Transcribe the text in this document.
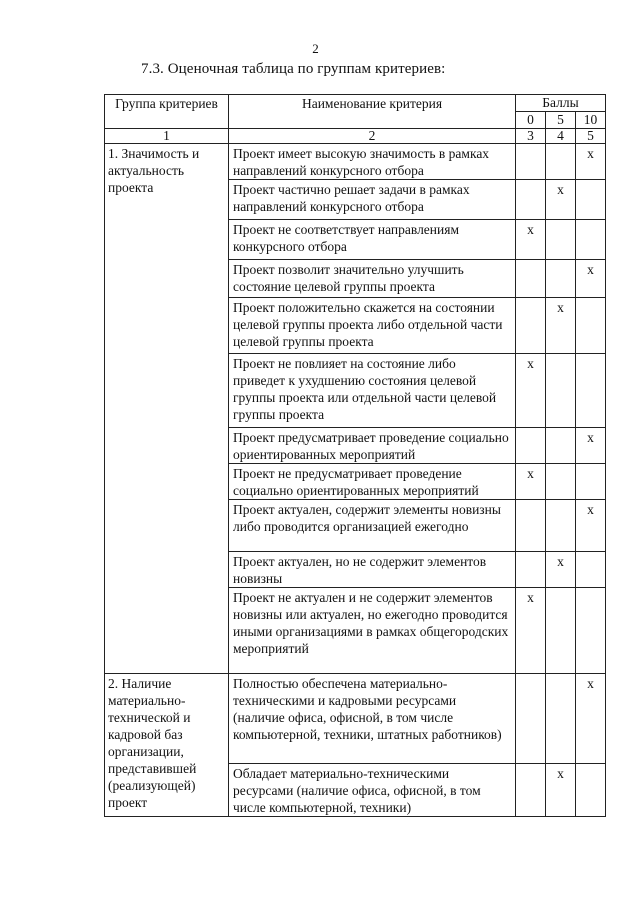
2
7.3. Оценочная таблица по группам критериев:
Группа критериев	Наименование критерия	Баллы		
		0	5	10
1	2	3	4	5
1. Значимость и актуальность проекта	Проект имеет высокую значимость в рамках направлений конкурсного отбора			x
	Проект частично решает задачи в рамках направлений конкурсного отбора		x	
	Проект не соответствует направлениям конкурсного отбора	x		
	Проект позволит значительно улучшить состояние целевой группы проекта			x
	Проект положительно скажется на состоянии целевой группы проекта либо отдельной части целевой группы проекта		x	
	Проект не повлияет на состояние либо приведет к ухудшению состояния целевой группы проекта или отдельной части целевой группы проекта	x		
	Проект предусматривает проведение социально ориентированных мероприятий			x
	Проект не предусматривает проведение социально ориентированных мероприятий	x		
	Проект актуален, содержит элементы новизны либо проводится организацией ежегодно			x
	Проект актуален, но не содержит элементов новизны		x	
	Проект не актуален и не содержит элементов новизны или актуален, но ежегодно проводится иными организациями в рамках общегородских мероприятий	x		
2. Наличие материально-технической и кадровой баз организации, представившей (реализующей) проект	Полностью обеспечена материально-техническими и кадровыми ресурсами (наличие офиса, офисной, в том числе компьютерной, техники, штатных работников)			x
	Обладает материально-техническими ресурсами (наличие офиса, офисной, в том числе компьютерной, техники)		x	
